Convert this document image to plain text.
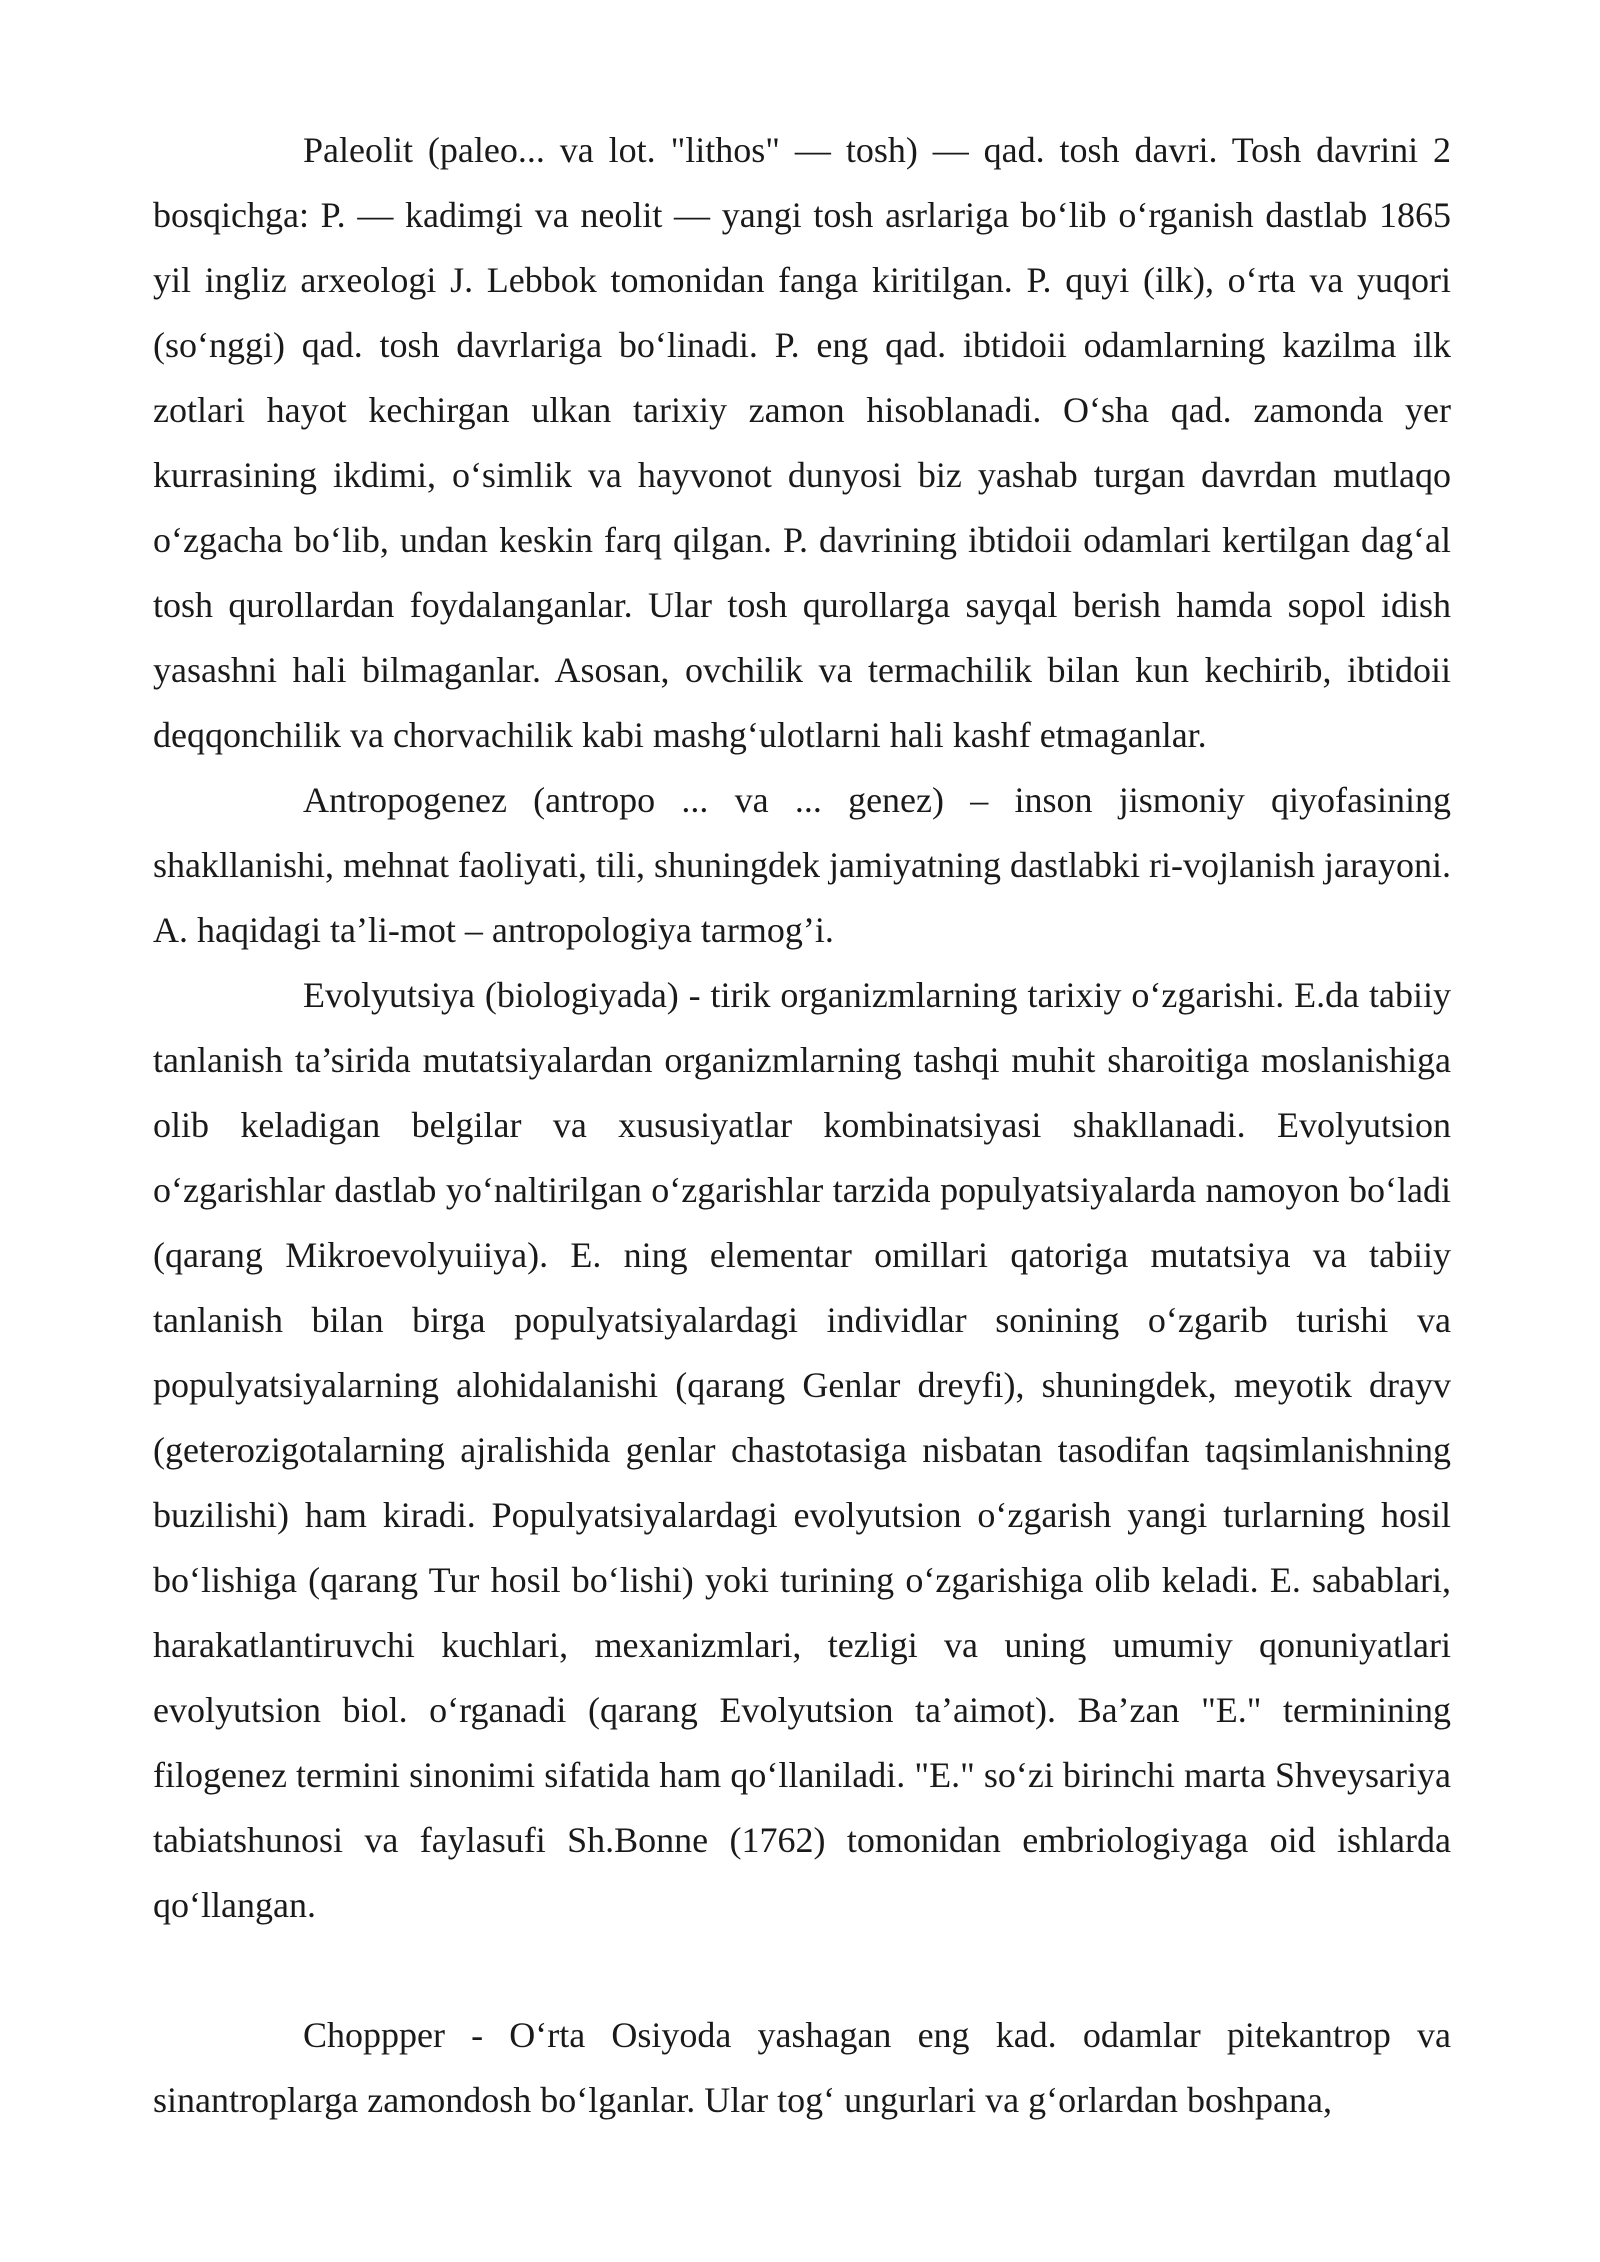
Paleolit (paleo... va lot. "lithos" — tosh) — qad. tosh davri. Tosh davrini 2 bosqichga: P. — kadimgi va neolit — yangi tosh asrlariga bo‘lib o‘rganish dastlab 1865 yil ingliz arxeologi J. Lebbok tomonidan fanga kiritilgan. P. quyi (ilk), o‘rta va yuqori (so‘nggi) qad. tosh davrlariga bo‘linadi. P. eng qad. ibtidoii odamlarning kazilma ilk zotlari hayot kechirgan ulkan tarixiy zamon hisoblanadi. O‘sha qad. zamonda yer kurrasining ikdimi, o‘simlik va hayvonot dunyosi biz yashab turgan davrdan mutlaqo o‘zgacha bo‘lib, undan keskin farq qilgan. P. davrining ibtidoii odamlari kertilgan dag‘al tosh qurollardan foydalanganlar. Ular tosh qurollarga sayqal berish hamda sopol idish yasashni hali bilmaganlar. Asosan, ovchilik va termachilik bilan kun kechirib, ibtidoii deqqonchilik va chorvachilik kabi mashg‘ulotlarni hali kashf etmaganlar.

Antropogenez (antropo ... va ... genez) – inson jismoniy qiyofasining shakllanishi, mehnat faoliyati, tili, shuningdek jamiyatning dastlabki ri-vojlanish jarayoni. A. haqidagi ta’li-mot – antropologiya tarmog’i.

Evolyutsiya (biologiyada) - tirik organizmlarning tarixiy o‘zgarishi. E.da tabiiy tanlanish ta’sirida mutatsiyalardan organizmlarning tashqi muhit sharoitiga moslanishiga olib keladigan belgilar va xususiyatlar kombinatsiyasi shakllanadi. Evolyutsion o‘zgarishlar dastlab yo‘naltirilgan o‘zgarishlar tarzida populyatsiyalarda namoyon bo‘ladi (qarang Mikroevolyuiiya). E. ning elementar omillari qatoriga mutatsiya va tabiiy tanlanish bilan birga populyatsiyalardagi individlar sonining o‘zgarib turishi va populyatsiyalarning alohidalanishi (qarang Genlar dreyfi), shuningdek, meyotik drayv (geterozigotalarning ajralishida genlar chastotasiga nisbatan tasodifan taqsimlanishning buzilishi) ham kiradi. Populyatsiyalardagi evolyutsion o‘zgarish yangi turlarning hosil bo‘lishiga (qarang Tur hosil bo‘lishi) yoki turining o‘zgarishiga olib keladi. E. sabablari, harakatlantiruvchi kuchlari, mexanizmlari, tezligi va uning umumiy qonuniyatlari evolyutsion biol. o‘rganadi (qarang Evolyutsion ta’aimot). Ba’zan "E." terminining filogenez termini sinonimi sifatida ham qo‘llaniladi. "E." so‘zi birinchi marta Shveysariya tabiatshunosi va faylasufi Sh.Bonne (1762) tomonidan embriologiyaga oid ishlarda qo‘llangan.

Choppper - O‘rta Osiyoda yashagan eng kad. odamlar pitekantrop va sinantroplarga zamondosh bo‘lganlar. Ular tog‘ ungurlari va g‘orlardan boshpana,
